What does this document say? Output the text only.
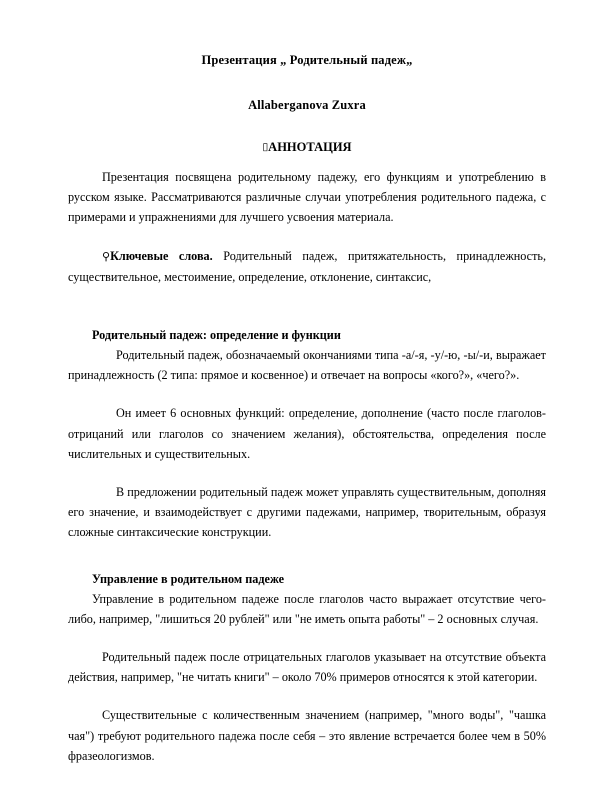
Презентация „ Родительный падеж„
Allaberganova Zuxra
▯АННОТАЦИЯ

Презентация посвящена родительному падежу, его функциям и употреблению в русском языке. Рассматриваются различные случаи употребления родительного падежа, с примерами и упражнениями для лучшего усвоения материала.

⚲Ключевые слова. Родительный падеж, притяжательность, принадлежность, существительное, местоимение, определение, отклонение, синтаксис,

Родительный падеж: определение и функции

Родительный падеж, обозначаемый окончаниями типа -а/-я, -у/-ю, -ы/-и, выражает принадлежность (2 типа: прямое и косвенное) и отвечает на вопросы «кого?», «чего?».

Он имеет 6 основных функций: определение, дополнение (часто после глаголов-отрицаний или глаголов со значением желания), обстоятельства, определения после числительных и существительных.

В предложении родительный падеж может управлять существительным, дополняя его значение, и взаимодействует с другими падежами, например, творительным, образуя сложные синтаксические конструкции.

Управление в родительном падеже

Управление в родительном падеже после глаголов часто выражает отсутствие чего-либо, например, "лишиться 20 рублей" или "не иметь опыта работы" – 2 основных случая.

Родительный падеж после отрицательных глаголов указывает на отсутствие объекта действия, например, "не читать книги" – около 70% примеров относятся к этой категории.

Существительные с количественным значением (например, "много воды", "чашка чая") требуют родительного падежа после себя – это явление встречается более чем в 50% фразеологизмов.
